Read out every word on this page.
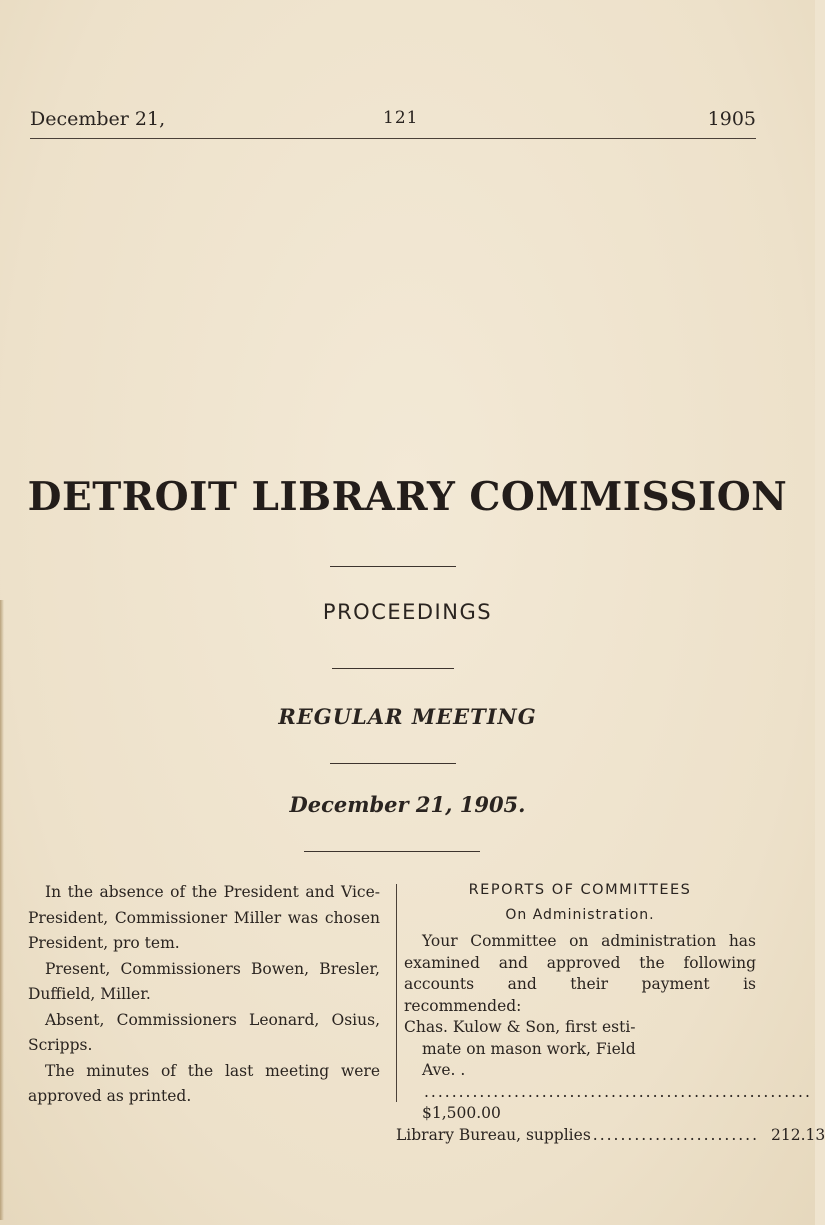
December 21,	121	1905
DETROIT LIBRARY COMMISSION
PROCEEDINGS
REGULAR MEETING
December 21, 1905.

In the absence of the President and Vice-President, Commissioner Miller was chosen President, pro tem.

Present, Commissioners Bowen, Bresler, Duffield, Miller.

Absent, Commissioners Leonard, Osius, Scripps.

The minutes of the last meeting were approved as printed.

REPORTS OF COMMITTEES
On Administration.

Your Committee on administration has examined and approved the following accounts and their payment is recommended:

Chas. Kulow & Son, first esti-
mate on mason work, Field
Ave. . ........................................................ $1,500.00
Library Bureau, supplies ........................ 212.13
